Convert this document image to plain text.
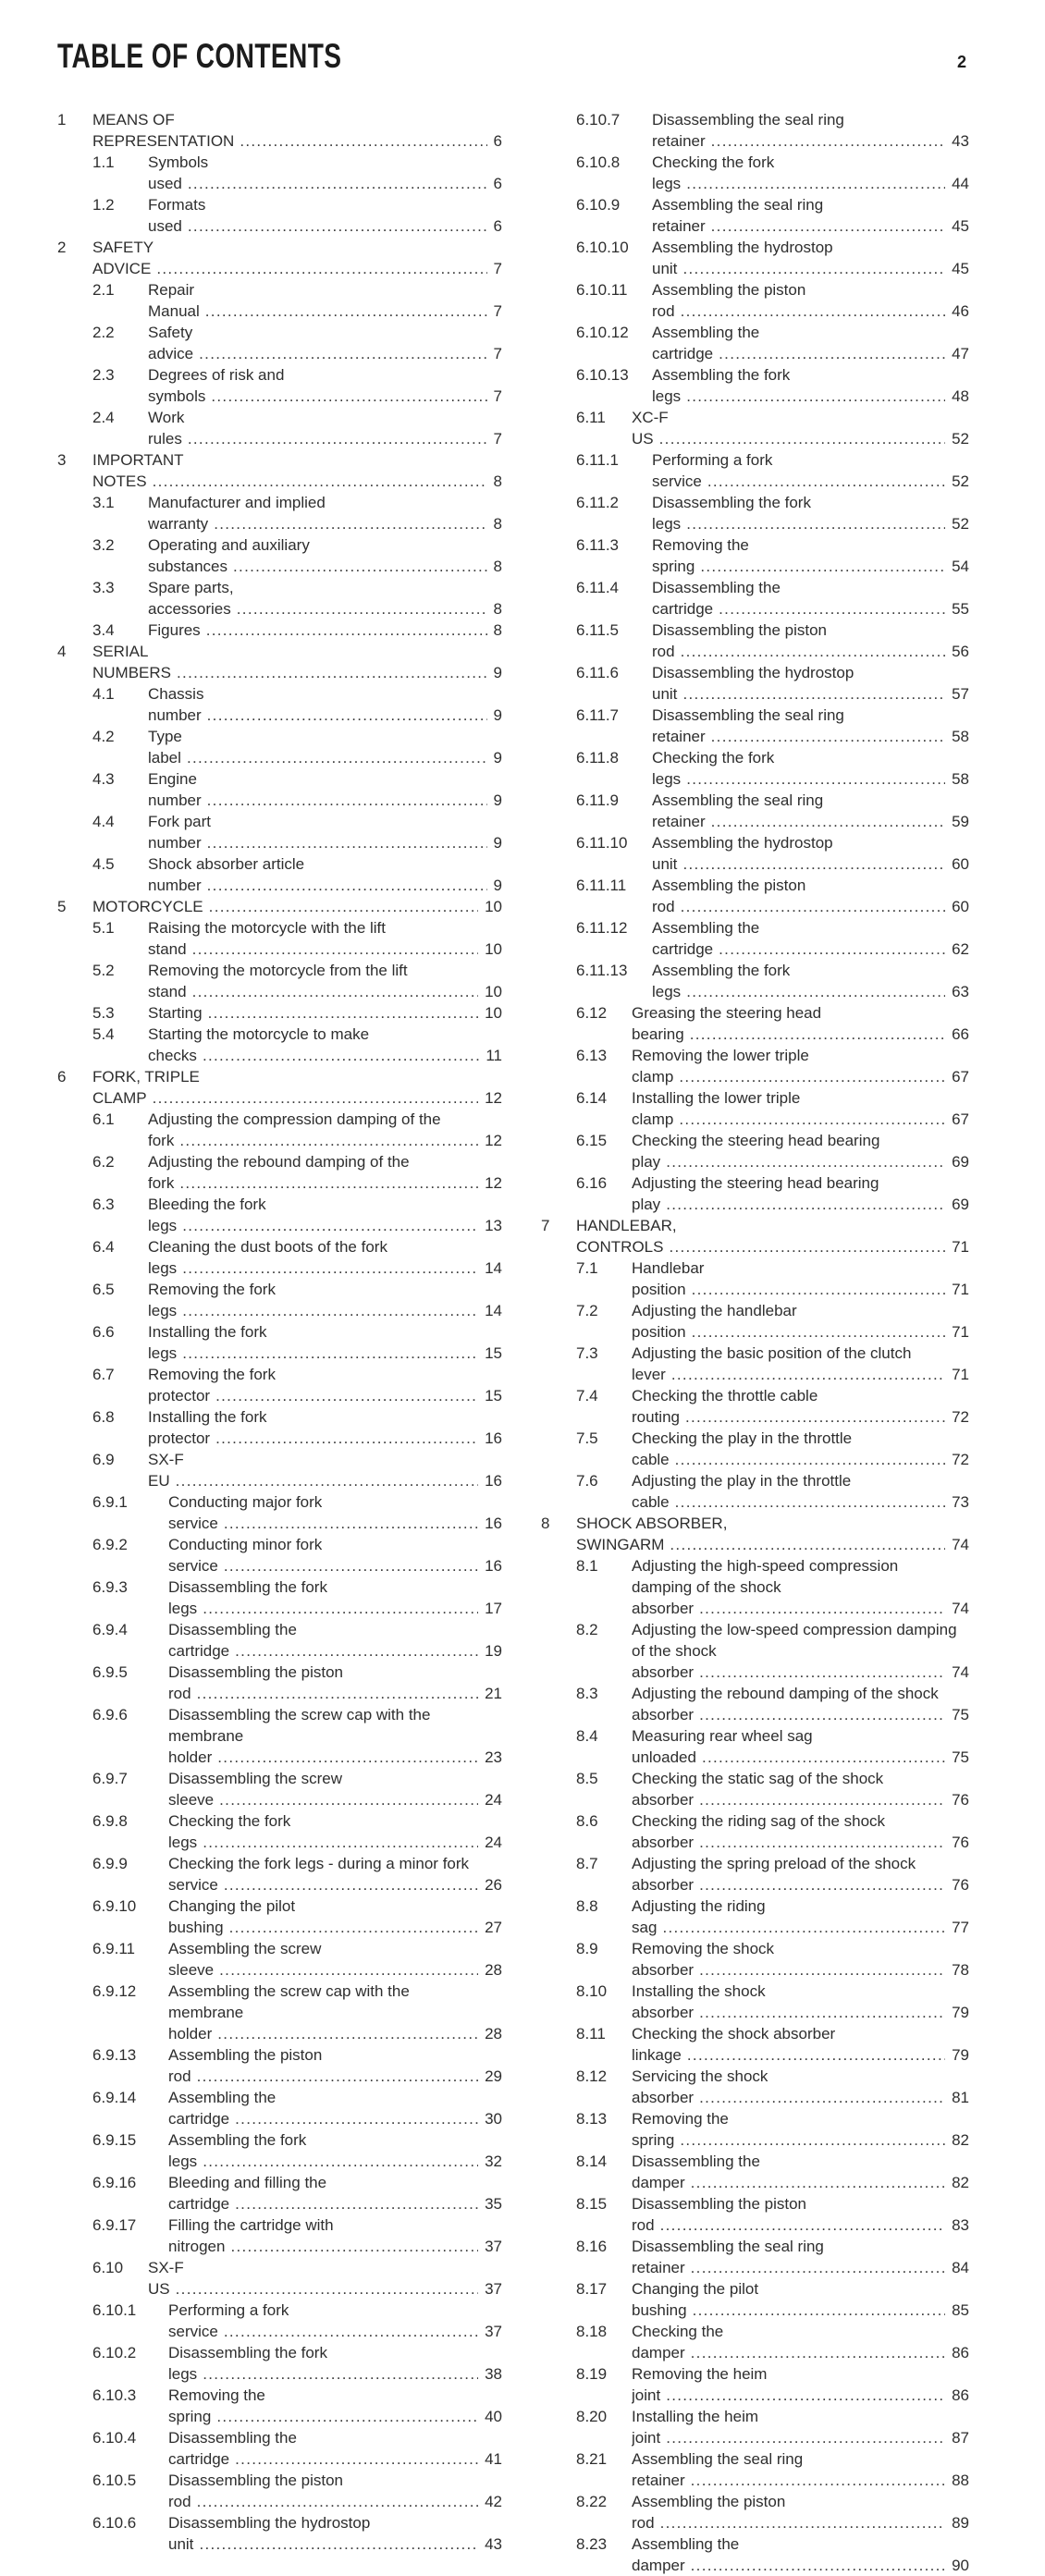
TABLE OF CONTENTS	2
1	MEANS OF REPRESENTATION .....	6
1.1	Symbols used .....	6
1.2	Formats used .....	6
2	SAFETY ADVICE .....	7
2.1	Repair Manual .....	7
2.2	Safety advice .....	7
2.3	Degrees of risk and symbols .....	7
2.4	Work rules .....	7
3	IMPORTANT NOTES .....	8
3.1	Manufacturer and implied warranty .....	8
3.2	Operating and auxiliary substances .....	8
3.3	Spare parts, accessories .....	8
3.4	Figures .....	8
4	SERIAL NUMBERS .....	9
4.1	Chassis number .....	9
4.2	Type label .....	9
4.3	Engine number .....	9
4.4	Fork part number .....	9
4.5	Shock absorber article number .....	9
5	MOTORCYCLE .....	10
5.1	Raising the motorcycle with the lift stand .....	10
5.2	Removing the motorcycle from the lift stand .....	10
5.3	Starting .....	10
5.4	Starting the motorcycle to make checks .....	11
6	FORK, TRIPLE CLAMP .....	12
6.1	Adjusting the compression damping of the
fork .....	12
6.2	Adjusting the rebound damping of the fork .....	12
6.3	Bleeding the fork legs .....	13
6.4	Cleaning the dust boots of the fork legs .....	14
6.5	Removing the fork legs .....	14
6.6	Installing the fork legs .....	15
6.7	Removing the fork protector .....	15
6.8	Installing the fork protector .....	16
6.9	SX-F EU .....	16
6.9.1	Conducting major fork service .....	16
6.9.2	Conducting minor fork service .....	16
6.9.3	Disassembling the fork legs .....	17
6.9.4	Disassembling the cartridge .....	19
6.9.5	Disassembling the piston rod .....	21
6.9.6	Disassembling the screw cap with the
membrane holder .....	23
6.9.7	Disassembling the screw sleeve .....	24
6.9.8	Checking the fork legs .....	24
6.9.9	Checking the fork legs - during a minor fork
service .....	26
6.9.10	Changing the pilot bushing .....	27
6.9.11	Assembling the screw sleeve .....	28
6.9.12	Assembling the screw cap with the
membrane holder .....	28
6.9.13	Assembling the piston rod .....	29
6.9.14	Assembling the cartridge .....	30
6.9.15	Assembling the fork legs .....	32
6.9.16	Bleeding and filling the cartridge .....	35
6.9.17	Filling the cartridge with nitrogen .....	37
6.10	SX-F US .....	37
6.10.1	Performing a fork service .....	37
6.10.2	Disassembling the fork legs .....	38
6.10.3	Removing the spring .....	40
6.10.4	Disassembling the cartridge .....	41
6.10.5	Disassembling the piston rod .....	42
6.10.6	Disassembling the hydrostop unit .....	43
6.10.7	Disassembling the seal ring retainer .....	43
6.10.8	Checking the fork legs .....	44
6.10.9	Assembling the seal ring retainer .....	45
6.10.10	Assembling the hydrostop unit .....	45
6.10.11	Assembling the piston rod .....	46
6.10.12	Assembling the cartridge .....	47
6.10.13	Assembling the fork legs .....	48
6.11	XC-F US .....	52
6.11.1	Performing a fork service .....	52
6.11.2	Disassembling the fork legs .....	52
6.11.3	Removing the spring .....	54
6.11.4	Disassembling the cartridge .....	55
6.11.5	Disassembling the piston rod .....	56
6.11.6	Disassembling the hydrostop unit .....	57
6.11.7	Disassembling the seal ring retainer .....	58
6.11.8	Checking the fork legs .....	58
6.11.9	Assembling the seal ring retainer .....	59
6.11.10	Assembling the hydrostop unit .....	60
6.11.11	Assembling the piston rod .....	60
6.11.12	Assembling the cartridge .....	62
6.11.13	Assembling the fork legs .....	63
6.12	Greasing the steering head bearing .....	66
6.13	Removing the lower triple clamp .....	67
6.14	Installing the lower triple clamp .....	67
6.15	Checking the steering head bearing play .....	69
6.16	Adjusting the steering head bearing play .....	69
7	HANDLEBAR, CONTROLS .....	71
7.1	Handlebar position .....	71
7.2	Adjusting the handlebar position .....	71
7.3	Adjusting the basic position of the clutch
lever .....	71
7.4	Checking the throttle cable routing .....	72
7.5	Checking the play in the throttle cable .....	72
7.6	Adjusting the play in the throttle cable .....	73
8	SHOCK ABSORBER, SWINGARM .....	74
8.1	Adjusting the high-speed compression
damping of the shock absorber .....	74
8.2	Adjusting the low-speed compression damping
of the shock absorber .....	74
8.3	Adjusting the rebound damping of the shock
absorber .....	75
8.4	Measuring rear wheel sag unloaded .....	75
8.5	Checking the static sag of the shock absorber .....	76
8.6	Checking the riding sag of the shock absorber .....	76
8.7	Adjusting the spring preload of the shock
absorber .....	76
8.8	Adjusting the riding sag .....	77
8.9	Removing the shock absorber .....	78
8.10	Installing the shock absorber .....	79
8.11	Checking the shock absorber linkage .....	79
8.12	Servicing the shock absorber .....	81
8.13	Removing the spring .....	82
8.14	Disassembling the damper .....	82
8.15	Disassembling the piston rod .....	83
8.16	Disassembling the seal ring retainer .....	84
8.17	Changing the pilot bushing .....	85
8.18	Checking the damper .....	86
8.19	Removing the heim joint .....	86
8.20	Installing the heim joint .....	87
8.21	Assembling the seal ring retainer .....	88
8.22	Assembling the piston rod .....	89
8.23	Assembling the damper .....	90
